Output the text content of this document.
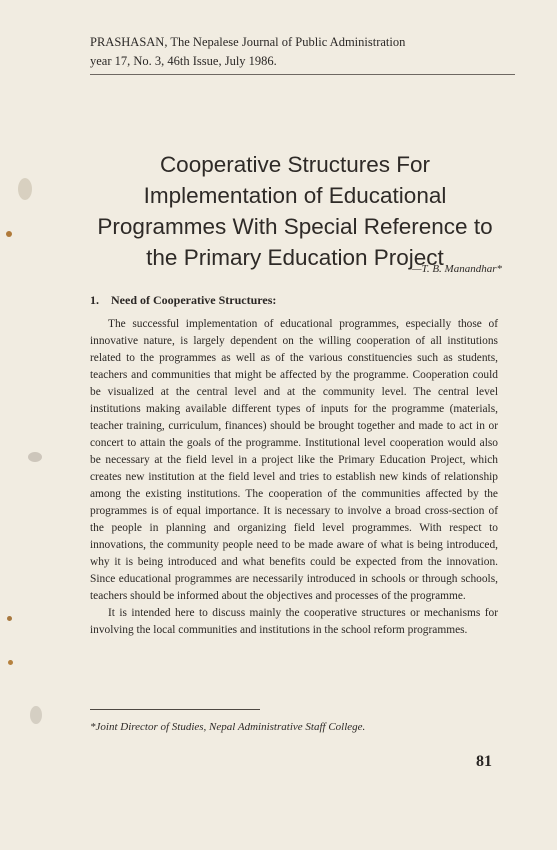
PRASHASAN, The Nepalese Journal of Public Administration
year 17, No. 3, 46th Issue, July 1986.
Cooperative Structures For Implementation of Educational Programmes With Special Reference to the Primary Education Project
—T. B. Manandhar*
1. Need of Cooperative Structures:

The successful implementation of educational programmes, especially those of innovative nature, is largely dependent on the willing cooperation of all institutions related to the programmes as well as of the various constituencies such as students, teachers and communities that might be affected by the programme. Cooperation could be visualized at the central level and at the community level. The central level institutions making available different types of inputs for the programme (materials, teacher training, curriculum, finances) should be brought together and made to act in or concert to attain the goals of the programme. Institutional level cooperation would also be necessary at the field level in a project like the Primary Education Project, which creates new institution at the field level and tries to establish new kinds of relationship among the existing institutions. The cooperation of the communities affected by the programmes is of equal importance. It is necessary to involve a broad cross-section of the people in planning and organizing field level programmes. With respect to innovations, the community people need to be made aware of what is being introduced, why it is being introduced and what benefits could be expected from the innovation. Since educational programmes are necessarily introduced in schools or through schools, teachers should be informed about the objectives and processes of the programme.

It is intended here to discuss mainly the cooperative structures or mechanisms for involving the local communities and institutions in the school reform programmes.

*Joint Director of Studies, Nepal Administrative Staff College.
81
